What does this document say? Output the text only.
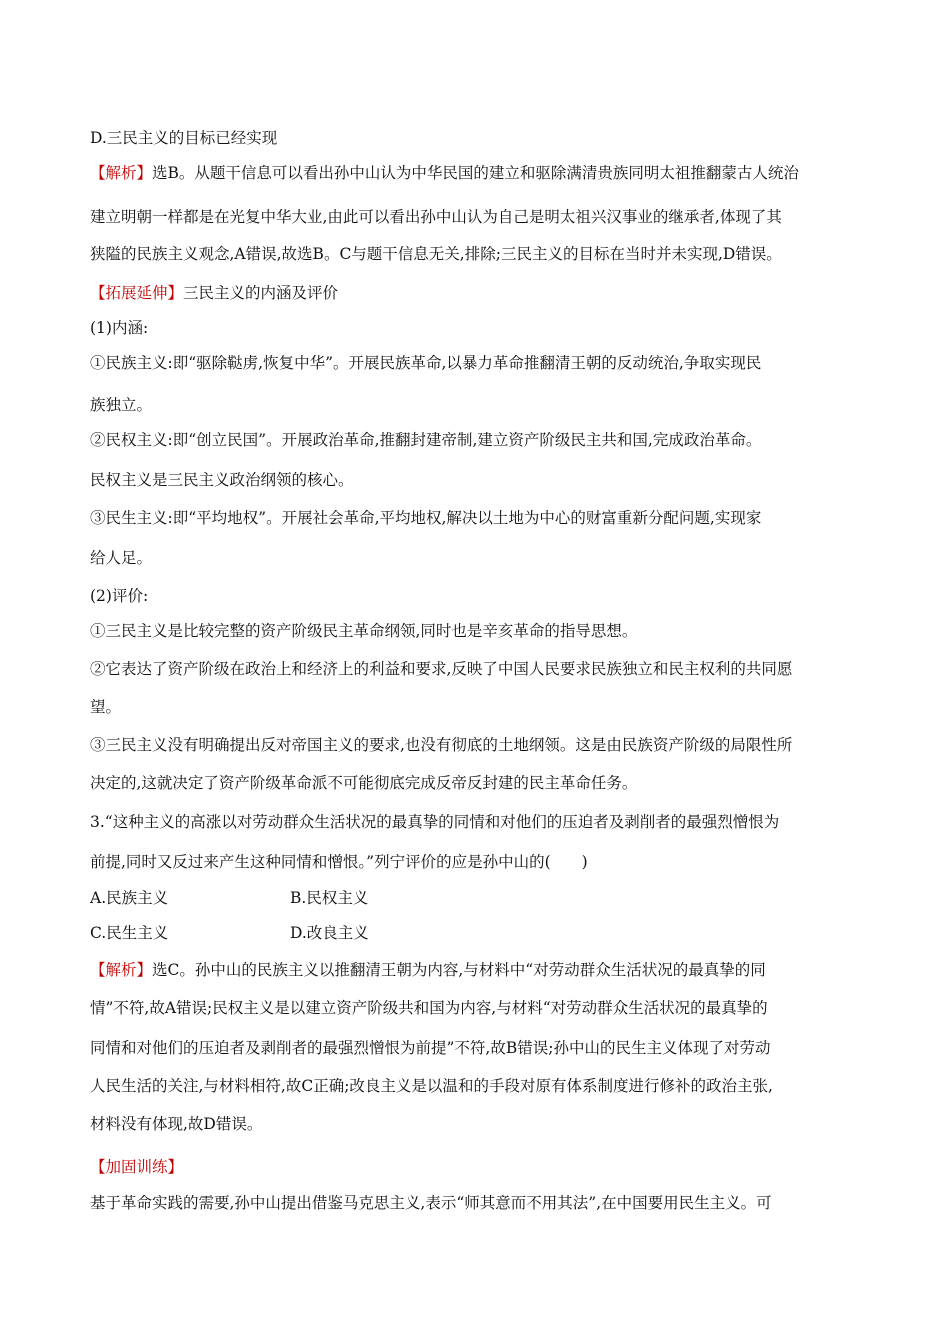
D.三民主义的目标已经实现
【解析】选B。从题干信息可以看出孙中山认为中华民国的建立和驱除满清贵族同明太祖推翻蒙古人统治
建立明朝一样都是在光复中华大业,由此可以看出孙中山认为自己是明太祖兴汉事业的继承者,体现了其
狭隘的民族主义观念,A错误,故选B。C与题干信息无关,排除;三民主义的目标在当时并未实现,D错误。
【拓展延伸】三民主义的内涵及评价
(1)内涵:
①民族主义:即“驱除鞑虏,恢复中华”。开展民族革命,以暴力革命推翻清王朝的反动统治,争取实现民
族独立。
②民权主义:即“创立民国”。开展政治革命,推翻封建帝制,建立资产阶级民主共和国,完成政治革命。
民权主义是三民主义政治纲领的核心。
③民生主义:即“平均地权”。开展社会革命,平均地权,解决以土地为中心的财富重新分配问题,实现家
给人足。
(2)评价:
①三民主义是比较完整的资产阶级民主革命纲领,同时也是辛亥革命的指导思想。
②它表达了资产阶级在政治上和经济上的利益和要求,反映了中国人民要求民族独立和民主权利的共同愿
望。
③三民主义没有明确提出反对帝国主义的要求,也没有彻底的土地纲领。这是由民族资产阶级的局限性所
决定的,这就决定了资产阶级革命派不可能彻底完成反帝反封建的民主革命任务。
3.“这种主义的高涨以对劳动群众生活状况的最真挚的同情和对他们的压迫者及剥削者的最强烈憎恨为
前提,同时又反过来产生这种同情和憎恨。”列宁评价的应是孙中山的(　　)
A.民族主义	B.民权主义
C.民生主义	D.改良主义
【解析】选C。孙中山的民族主义以推翻清王朝为内容,与材料中“对劳动群众生活状况的最真挚的同
情”不符,故A错误;民权主义是以建立资产阶级共和国为内容,与材料“对劳动群众生活状况的最真挚的
同情和对他们的压迫者及剥削者的最强烈憎恨为前提”不符,故B错误;孙中山的民生主义体现了对劳动
人民生活的关注,与材料相符,故C正确;改良主义是以温和的手段对原有体系制度进行修补的政治主张,
材料没有体现,故D错误。
【加固训练】
基于革命实践的需要,孙中山提出借鉴马克思主义,表示“师其意而不用其法”,在中国要用民生主义。可
